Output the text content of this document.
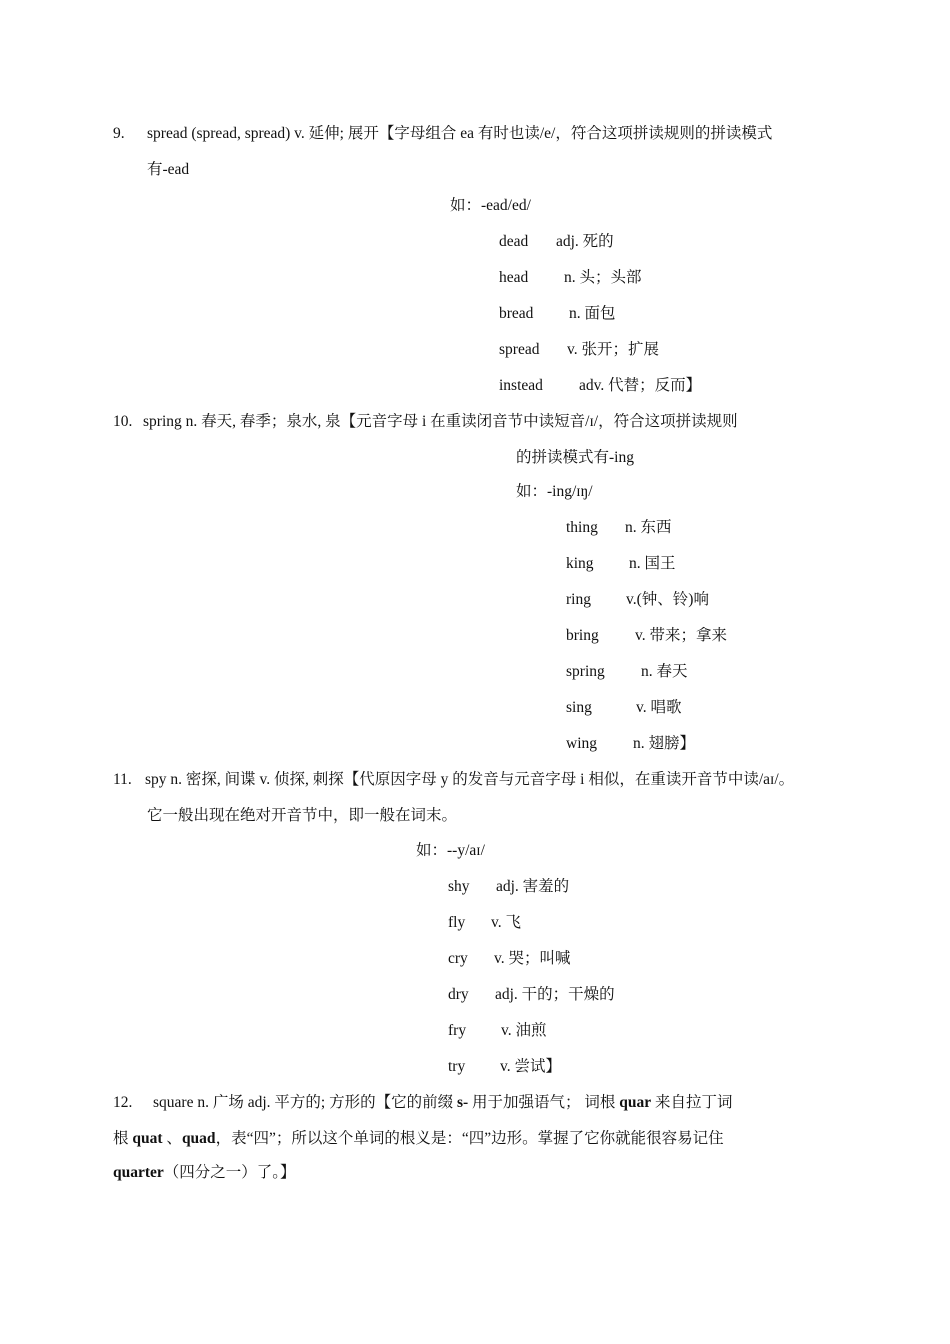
9. spread (spread, spread) v. 延伸; 展开【字母组合 ea 有时也读/e/，符合这项拼读规则的拼读模式
有-ead
如：-ead/ed/
dead adj. 死的
head n. 头；头部
bread n. 面包
spread v. 张开；扩展
instead adv. 代替；反而】
10. spring n. 春天, 春季；泉水, 泉【元音字母 i 在重读闭音节中读短音/ɪ/，符合这项拼读规则
的拼读模式有-ing
如：-ing/ɪŋ/
thing n. 东西
king n. 国王
ring v.(钟、铃)响
bring v. 带来；拿来
spring n. 春天
sing	v. 唱歌
wing n. 翅膀】
11. spy n. 密探, 间谍 v. 侦探, 刺探【代原因字母 y 的发音与元音字母 i 相似，在重读开音节中读/aɪ/。
它一般出现在绝对开音节中，即一般在词末。
如：--y/aɪ/
shy adj. 害羞的
fly v. 飞
cry v. 哭；叫喊
dry adj. 干的；干燥的
fry v. 油煎
try v. 尝试】
12. square n. 广场 adj. 平方的; 方形的【它的前缀 s- 用于加强语气； 词根 quar 来自拉丁词
根 quat 、quad，表“四”；所以这个单词的根义是：“四”边形。掌握了它你就能很容易记住
quarter（四分之一）了。】
